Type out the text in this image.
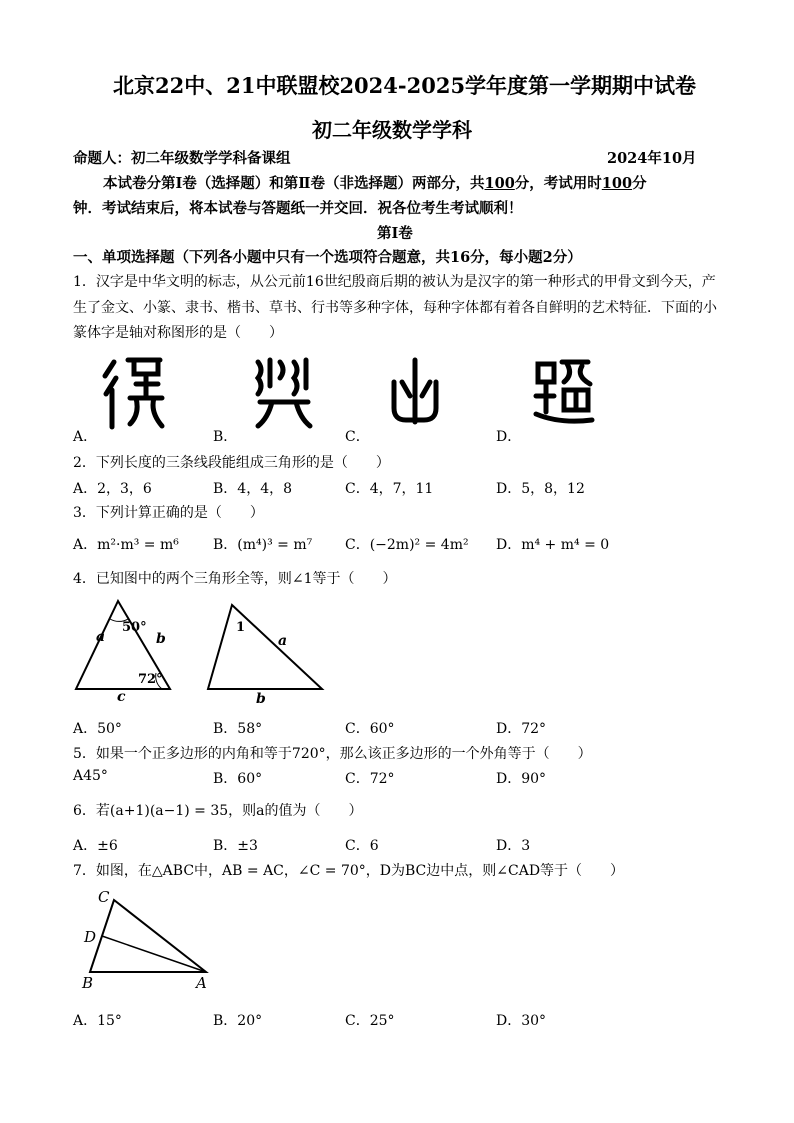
北京22中、21中联盟校2024-2025学年度第一学期期中试卷
初二年级数学学科
命题人：初二年级数学学科备课组	2024年10月
本试卷分第Ⅰ卷（选择题）和第Ⅱ卷（非选择题）两部分，共100分，考试用时100分
钟．考试结束后，将本试卷与答题纸一并交回．祝各位考生考试顺利！
第Ⅰ卷
一、单项选择题（下列各小题中只有一个选项符合题意，共16分，每小题2分）
1．汉字是中华文明的标志，从公元前16世纪殷商后期的被认为是汉字的第一种形式的甲骨文到今天，产
生了金文、小篆、隶书、楷书、草书、行书等多种字体，每种字体都有着各自鲜明的艺术特征．下面的小
篆体字是轴对称图形的是（　　）
A．	B．	C．	D．
2．下列长度的三条线段能组成三角形的是（　　）
A．2，3，6	B．4，4，8	C．4，7，11	D．5，8，12
3．下列计算正确的是（　　）
A．m²·m³ = m⁶ B．(m⁴)³ = m⁷ C．(−2m)² = 4m² D．m⁴ + m⁴ = 0
4．已知图中的两个三角形全等，则∠1等于（　　）
50°
72°
a	b
c
1
a
b
A．50°	B．58°	C．60°	D．72°
5．如果一个正多边形的内角和等于720°，那么该正多边形的一个外角等于（　　）
A45°	B．60°	C．72°	D．90°
6．若(a+1)(a−1) = 35，则a的值为（　　）
A．±6	B．±3	C．6	D．3
7．如图，在△ABC中，AB = AC，∠C = 70°，D为BC边中点，则∠CAD等于（　　）
C
D
B	A
A．15°	B．20°	C．25°	D．30°
